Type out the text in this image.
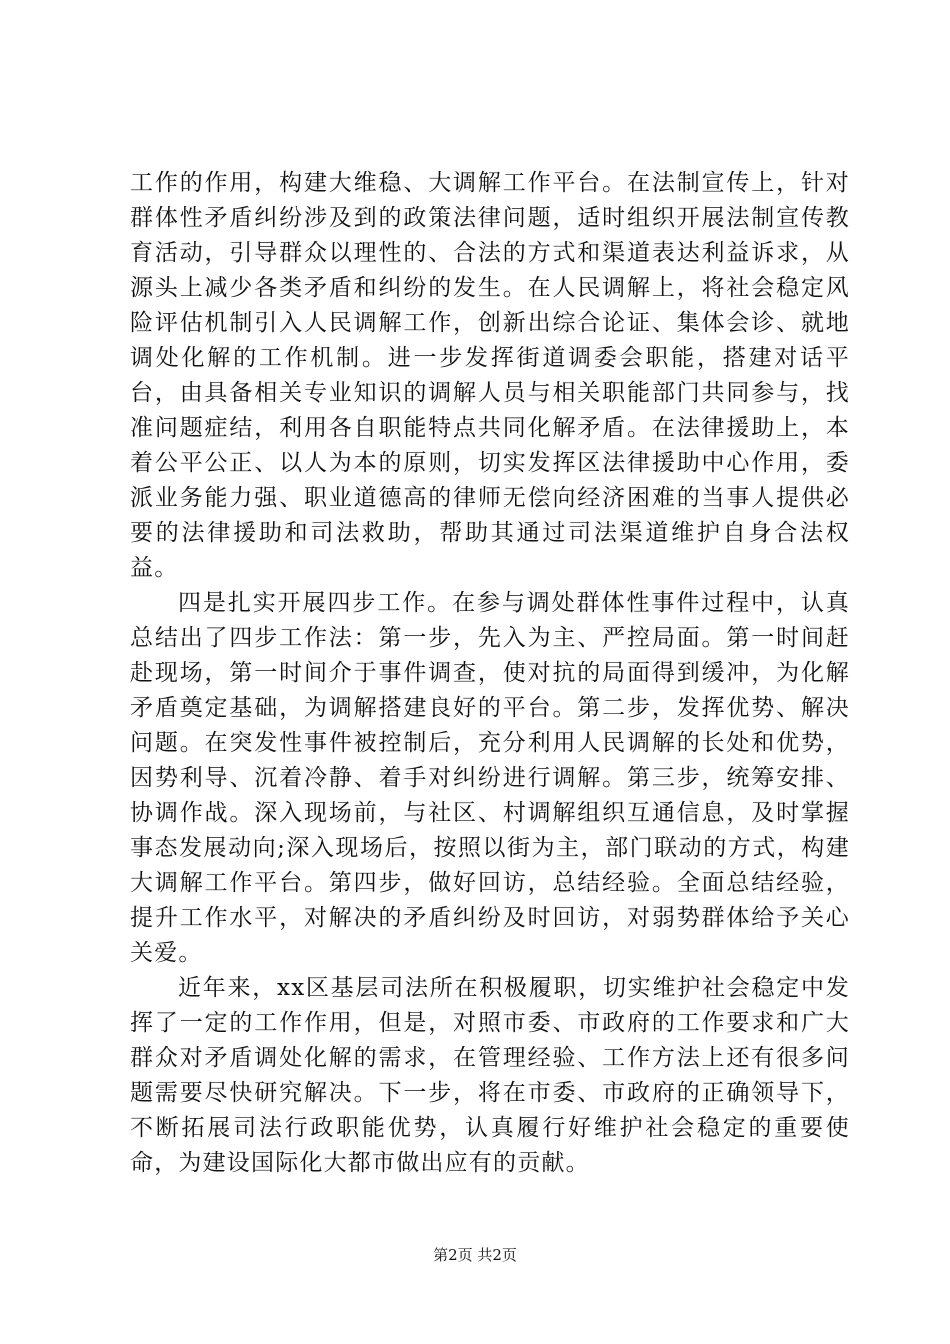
工作的作用，构建大维稳、大调解工作平台。在法制宣传上，针对群体性矛盾纠纷涉及到的政策法律问题，适时组织开展法制宣传教育活动，引导群众以理性的、合法的方式和渠道表达利益诉求，从源头上减少各类矛盾和纠纷的发生。在人民调解上，将社会稳定风险评估机制引入人民调解工作，创新出综合论证、集体会诊、就地调处化解的工作机制。进一步发挥街道调委会职能，搭建对话平台，由具备相关专业知识的调解人员与相关职能部门共同参与，找准问题症结，利用各自职能特点共同化解矛盾。在法律援助上，本着公平公正、以人为本的原则，切实发挥区法律援助中心作用，委派业务能力强、职业道德高的律师无偿向经济困难的当事人提供必要的法律援助和司法救助，帮助其通过司法渠道维护自身合法权益。

四是扎实开展四步工作。在参与调处群体性事件过程中，认真总结出了四步工作法：第一步，先入为主、严控局面。第一时间赶赴现场，第一时间介于事件调查，使对抗的局面得到缓冲，为化解矛盾奠定基础，为调解搭建良好的平台。第二步，发挥优势、解决问题。在突发性事件被控制后，充分利用人民调解的长处和优势，因势利导、沉着冷静、着手对纠纷进行调解。第三步，统筹安排、协调作战。深入现场前，与社区、村调解组织互通信息，及时掌握事态发展动向;深入现场后，按照以街为主，部门联动的方式，构建大调解工作平台。第四步，做好回访，总结经验。全面总结经验，提升工作水平，对解决的矛盾纠纷及时回访，对弱势群体给予关心关爱。

近年来，xx区基层司法所在积极履职，切实维护社会稳定中发挥了一定的工作作用，但是，对照市委、市政府的工作要求和广大群众对矛盾调处化解的需求，在管理经验、工作方法上还有很多问题需要尽快研究解决。下一步，将在市委、市政府的正确领导下，不断拓展司法行政职能优势，认真履行好维护社会稳定的重要使命，为建设国际化大都市做出应有的贡献。

第2页 共2页
